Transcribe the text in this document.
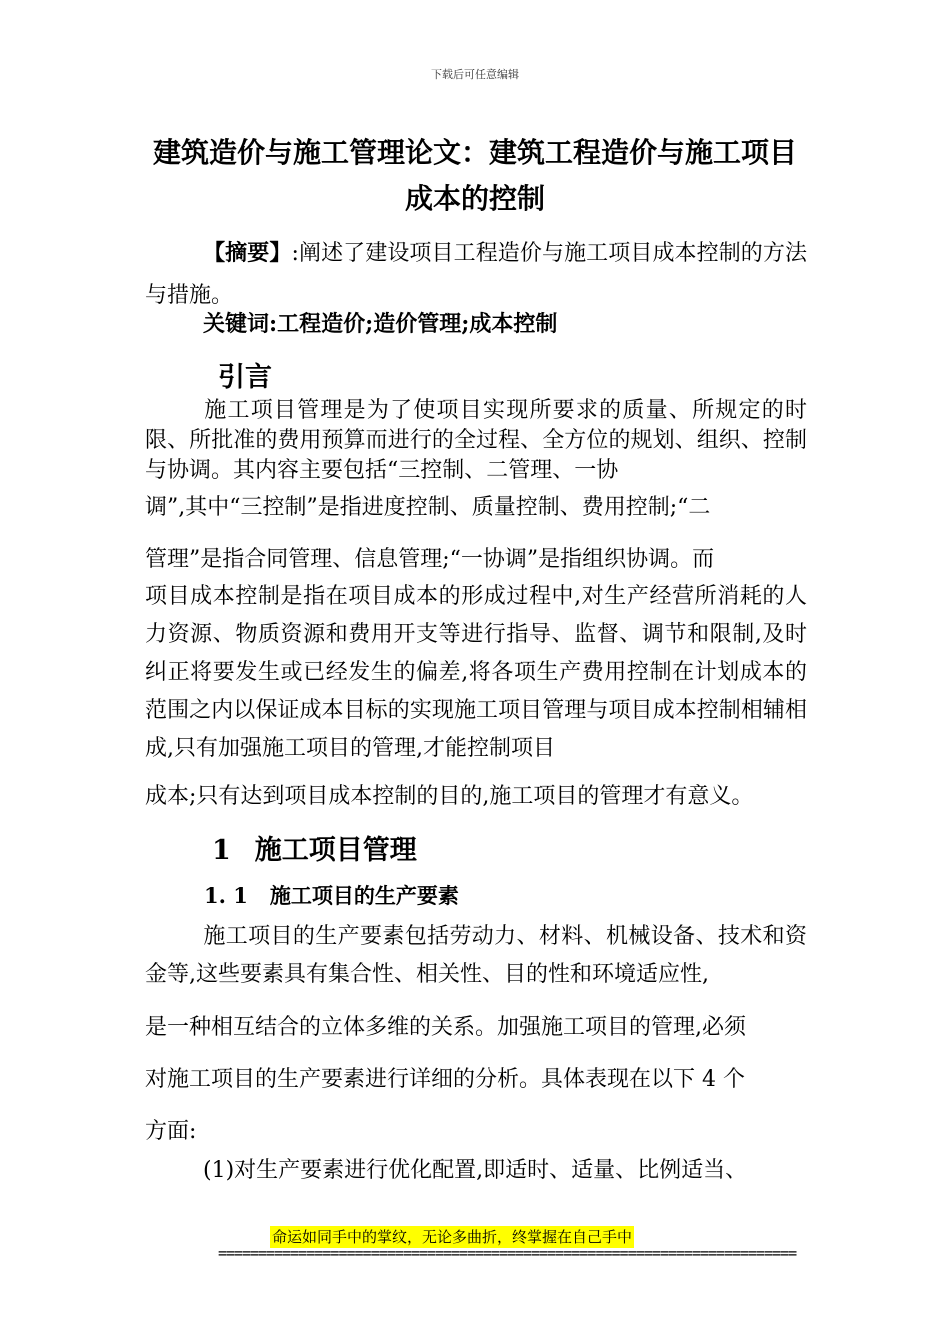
下载后可任意编辑
建筑造价与施工管理论文：建筑工程造价与施工项目成本的控制

【摘要】:阐述了建设项目工程造价与施工项目成本控制的方法与措施。

关键词:工程造价;造价管理;成本控制

引言

施工项目管理是为了使项目实现所要求的质量、所规定的时限、所批准的费用预算而进行的全过程、全方位的规划、组织、控制与协调。其内容主要包括“三控制、二管理、一协

调”,其中“三控制”是指进度控制、质量控制、费用控制;“二
管理”是指合同管理、信息管理;“一协调”是指组织协调。而

项目成本控制是指在项目成本的形成过程中,对生产经营所消耗的人力资源、物质资源和费用开支等进行指导、监督、调节和限制,及时纠正将要发生或已经发生的偏差,将各项生产费用控制在计划成本的范围之内以保证成本目标的实现施工项目管理与项目成本控制相辅相成,只有加强施工项目的管理,才能控制项目

成本;只有达到项目成本控制的目的,施工项目的管理才有意义。

1 施工项目管理
1. 1 施工项目的生产要素

施工项目的生产要素包括劳动力、材料、机械设备、技术和资金等,这些要素具有集合性、相关性、目的性和环境适应性,

是一种相互结合的立体多维的关系。加强施工项目的管理,必须
对施工项目的生产要素进行详细的分析。具体表现在以下 4 个
方面:

(1)对生产要素进行优化配置,即适时、适量、比例适当、

命运如同手中的掌纹，无论多曲折，终掌握在自己手中
========================================================================
